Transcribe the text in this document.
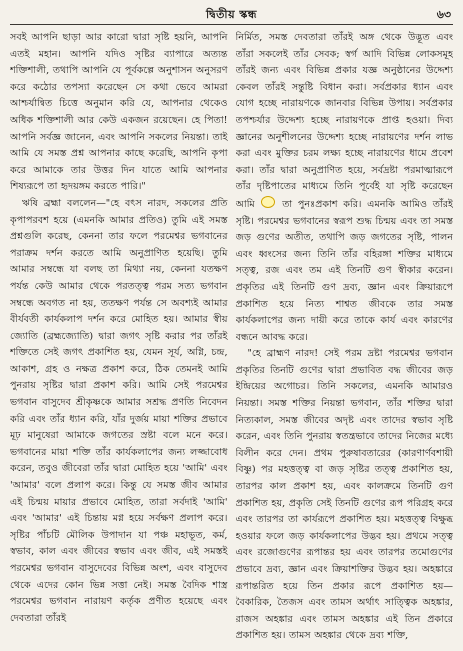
দ্বিতীয় স্কন্ধ	৬৩

সবই আপনি ছাড়া আর কারো দ্বারা সৃষ্টি হয়নি, আপনি এতই মহান। আপনি যদিও সৃষ্টির ব্যাপারে অত্যন্ত শক্তিশালী, তথাপি আপনি যে পূর্বকল্পে অনুশাসন অনুসরণ করে কঠোর তপস্যা করেছেন সে কথা ভেবে আমরা আশ্চর্যান্বিত চিত্তে অনুমান করি যে, আপনার থেকেও অধিক শক্তিশালী আর কেউ একজন রয়েছেন। হে পিতা! আপনি সর্বজ্ঞ জানেন, এবং আপনি সকলের নিয়ন্তা। তাই আমি যে সমস্ত প্রশ্ন আপনার কাছে করেছি, আপনি কৃপা করে আমাকে তার উত্তর দিন যাতে আমি আপনার শিষ্যরূপে তা হৃদয়ঙ্গম করতে পারি।"

ঋষি ব্রহ্মা বললেন—"হে বৎস নারদ, সকলের প্রতি কৃপাপরবশ হয়ে (এমনকি আমার প্রতিও) তুমি এই সমস্ত প্রশ্নগুলি করেছ, কেননা তার ফলে পরমেশ্বর ভগবানের পরাক্রম দর্শন করতে আমি অনুপ্রাণিত হয়েছি। তুমি আমার সম্বন্ধে যা বলছ তা মিথ্যা নয়, কেননা যতক্ষণ পর্যন্ত কেউ আমার থেকে পরতত্ত্ব পরম সত্য ভগবান সম্বন্ধে অবগত না হয়, ততক্ষণ পর্যন্ত সে অবশ্যই আমার বীর্যবতী কার্যকলাপ দর্শন করে মোহিত হয়। আমার স্বীয় জ্যোতি (ব্রহ্মজ্যোতি) দ্বারা জগৎ সৃষ্টি করার পর তাঁরই শক্তিতে সেই জগৎ প্রকাশিত হয়, যেমন সূর্য, অগ্নি, চন্দ্র, আকাশ, গ্রহ ও নক্ষত্র প্রকাশ করে, ঠিক তেমনই আমি পুনরায় সৃষ্টির দ্বারা প্রকাশ করি। আমি সেই পরমেশ্বর ভগবান বাসুদেব শ্রীকৃষ্ণকে আমার সশ্রদ্ধ প্রণতি নিবেদন করি এবং তাঁর ধ্যান করি, যাঁর দুর্জয় মায়া শক্তির প্রভাবে মূঢ় মানুষেরা আমাকে জগতের স্রষ্টা বলে মনে করে। ভগবানের মায়া শক্তি তাঁর কার্যকলাপের জন্য লজ্জাবোধ করেন, তবুও জীবেরা তাঁর দ্বারা মোহিত হয়ে 'আমি' এবং 'আমার' বলে প্রলাপ করে। কিন্তু যে সমস্ত জীব আমার এই চিন্ময় মায়ার প্রভাবে মোহিত, তারা সর্বদাই 'আমি' এবং 'আমার' এই চিন্তায় মগ্ন হয়ে সর্বক্ষণ প্রলাপ করে। সৃষ্টির পাঁচটি মৌলিক উপাদান যা পঞ্চ মহাভূত, কর্ম, স্বভাব, কাল এবং জীবের স্বভাব এবং জীব, এই সমস্তই পরমেশ্বর ভগবান বাসুদেবের বিভিন্ন অংশ, এবং বাসুদেব থেকে এদের কোন ভিন্ন সত্তা নেই। সমস্ত বৈদিক শাস্ত্র পরমেশ্বর ভগবান নারায়ণ কর্তৃক প্রণীত হয়েছে এবং দেবতারা তাঁরই

নির্মিত, সমস্ত দেবতারা তাঁরই অঙ্গ থেকে উদ্ভূত এবং তাঁরা সকলেই তাঁর সেবক; স্বর্গ আদি বিভিন্ন লোকসমূহ তাঁরই জন্য এবং বিভিন্ন প্রকার যজ্ঞ অনুষ্ঠানের উদ্দেশ্য কেবল তাঁরই সন্তুষ্টি বিধান করা। সর্বপ্রকার ধ্যান এবং যোগ হচ্ছে নারায়ণকে জানবার বিভিন্ন উপায়। সর্বপ্রকার তপশ্চর্যার উদ্দেশ্য হচ্ছে নারায়ণকে প্রাপ্ত হওয়া। দিব্য জ্ঞানের অনুশীলনের উদ্দেশ্য হচ্ছে নারায়ণের দর্শন লাভ করা এবং মুক্তির চরম লক্ষ্য হচ্ছে নারায়ণের ধামে প্রবেশ করা। তাঁর দ্বারা অনুপ্রাণিত হয়ে, সর্বদ্রষ্টা পরমাত্মারূপে তাঁর দৃষ্টিপাতের মাধ্যমে তিনি পূর্বেই যা সৃষ্টি করেছেন আমি  তা পুনঃপ্রকাশ করি। এমনকি আমিও তাঁরই সৃষ্টি। পরমেশ্বর ভগবানের স্বরূপ শুদ্ধ চিন্ময় এবং তা সমস্ত জড় গুণের অতীত, তথাপি জড় জগতের সৃষ্টি, পালন এবং ধ্বংসের জন্য তিনি তাঁর বহিরঙ্গা শক্তির মাধ্যমে সত্ত্ব, রজ এবং তম এই তিনটি গুণ স্বীকার করেন। প্রকৃতির এই তিনটি গুণ দ্রব্য, জ্ঞান এবং ক্রিয়ারূপে প্রকাশিত হয়ে নিত্য শাশ্বত জীবকে তার সমস্ত কার্যকলাপের জন্য দায়ী করে তাকে কার্য এবং কারণের বন্ধনে আবদ্ধ করে।

"হে ব্রাহ্মণ নারদ! সেই পরম দ্রষ্টা পরমেশ্বর ভগবান প্রকৃতির তিনটি গুণের দ্বারা প্রভাবিত বদ্ধ জীবের জড় ইন্দ্রিয়ের অগোচর। তিনি সকলের, এমনকি আমারও নিয়ন্তা। সমস্ত শক্তির নিয়ন্তা ভগবান, তাঁর শক্তির দ্বারা নিত্যকাল, সমস্ত জীবের অদৃষ্ট এবং তাদের স্বভাব সৃষ্টি করেন, এবং তিনি পুনরায় স্বতন্ত্রভাবে তাদের নিজের মধ্যে বিলীন করে দেন। প্রথম পুরুষাবতারের (কারণার্ণবশায়ী বিষ্ণু) পর মহত্তত্ত্ব বা জড় সৃষ্টির তত্ত্ব প্রকাশিত হয়, তারপর কাল প্রকাশ হয়, এবং কালক্রমে তিনটি গুণ প্রকাশিত হয়, প্রকৃতি সেই তিনটি গুণের রূপ পরিগ্রহ করে এবং তারপর তা কার্যরূপে প্রকাশিত হয়। মহত্তত্ত্ব বিক্ষুব্ধ হওয়ার ফলে জড় কার্যকলাপের উদ্ভব হয়। প্রথমে সত্ত্ব এবং রজোগুণের রূপান্তর হয় এবং তারপর তমোগুণের প্রভাবে দ্রব্য, জ্ঞান এবং ক্রিয়াশক্তির উদ্ভব হয়। অহঙ্কারে রূপান্তরিত হয়ে তিন প্রকার রূপে প্রকাশিত হয়—বৈকারিক, তৈজস এবং তামস অর্থাৎ সাত্ত্বিক অহঙ্কার, রাজস অহঙ্কার এবং তামস অহঙ্কার এই তিন প্রকারে প্রকাশিত হয়। তামস অহঙ্কার থেকে দ্রব্য শক্তি,
